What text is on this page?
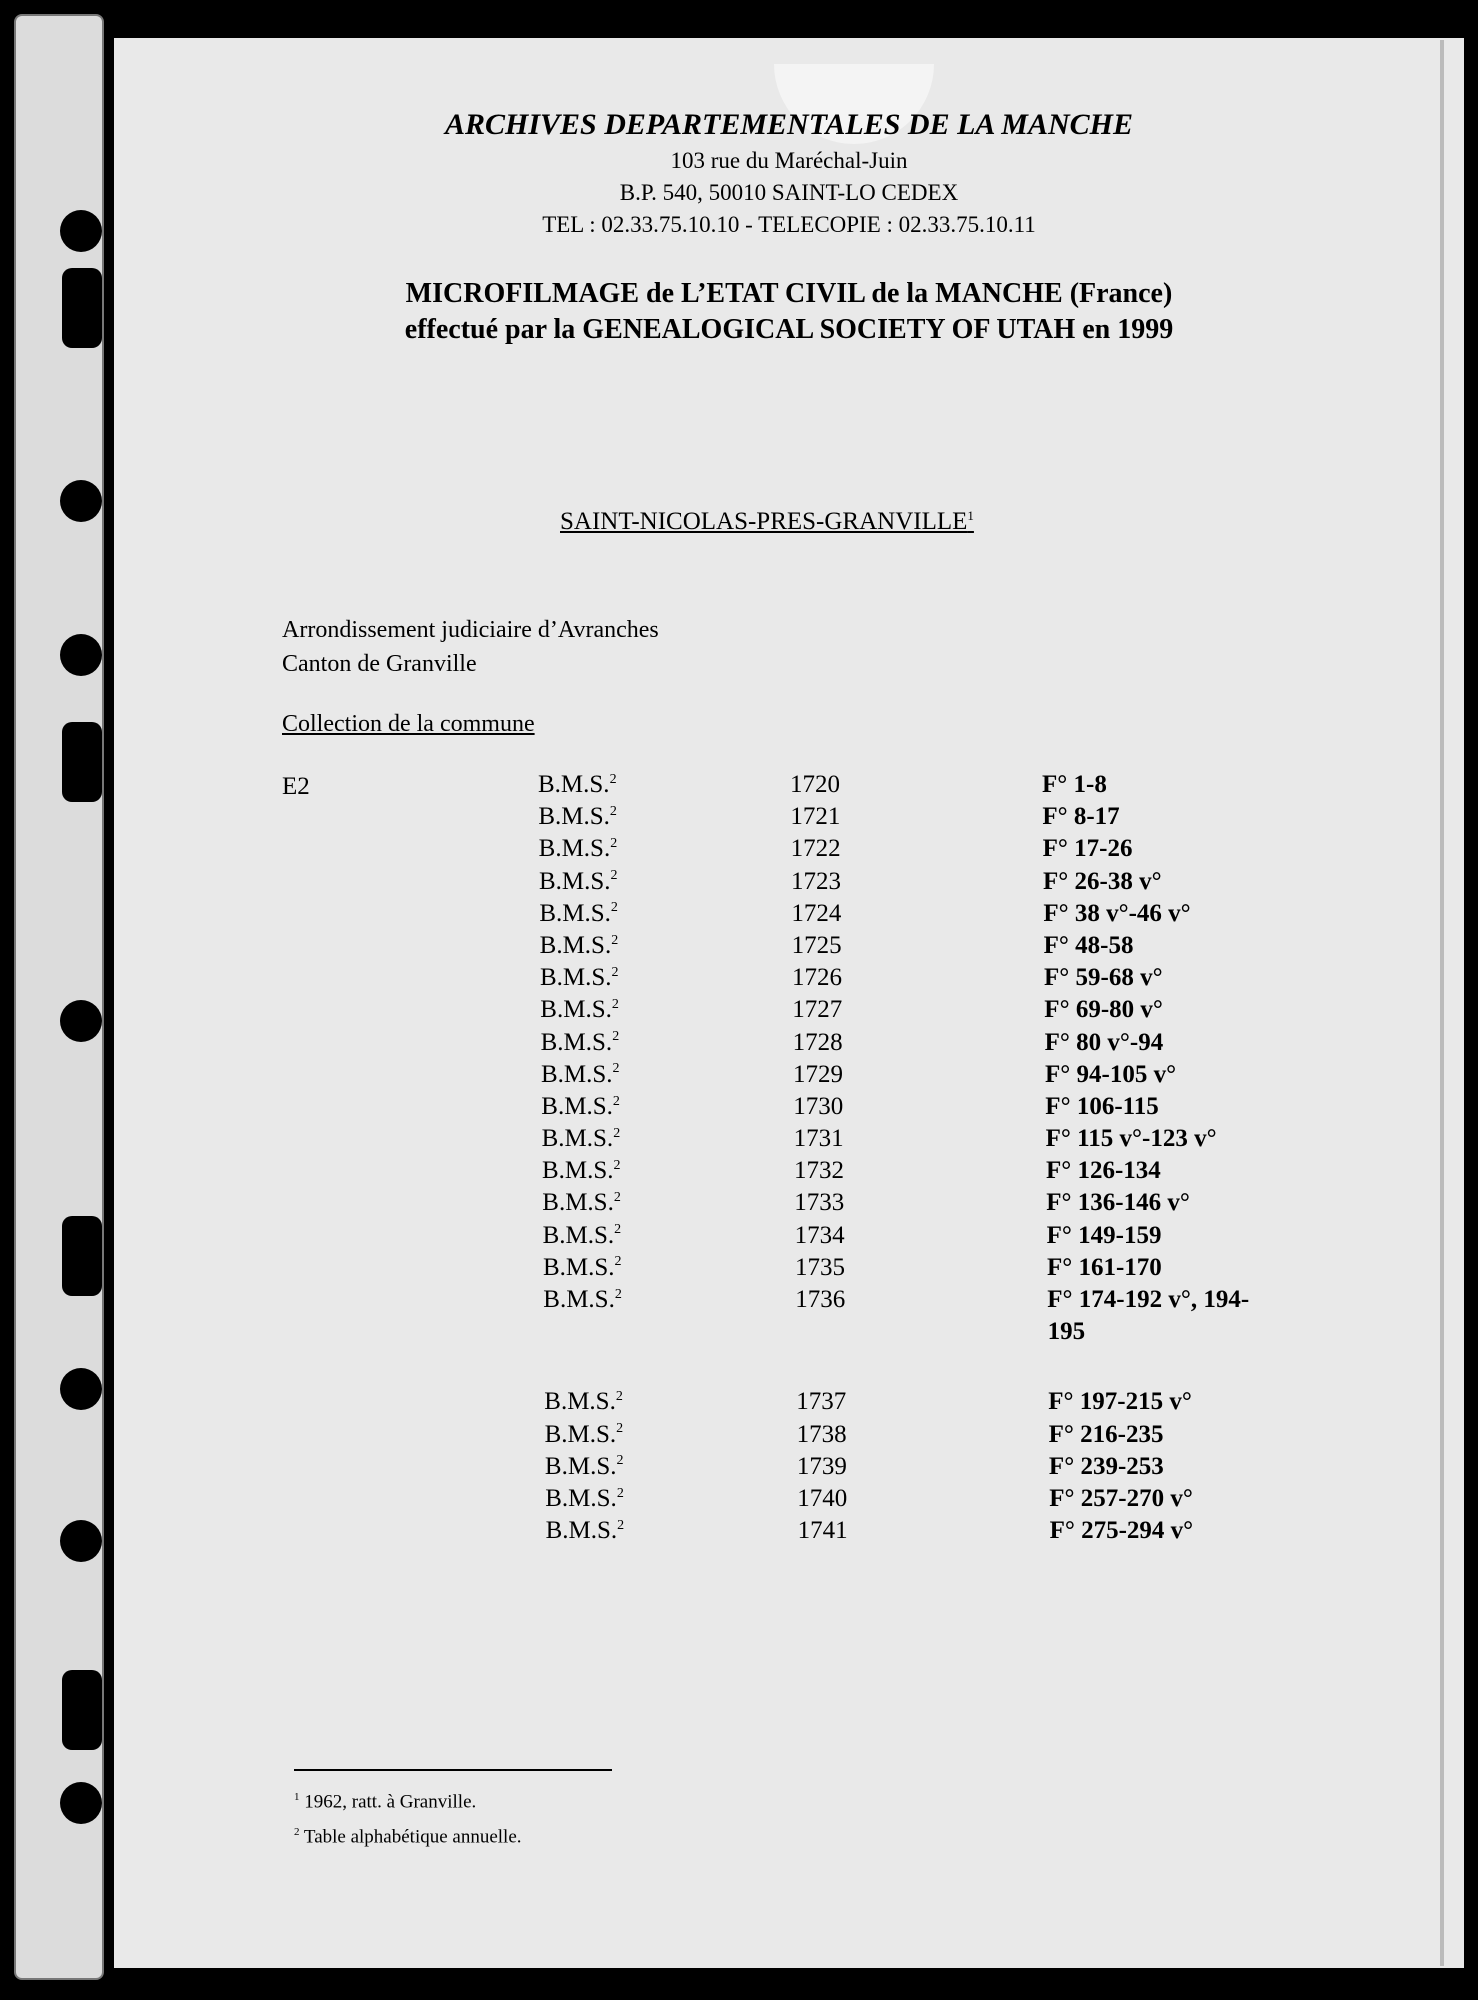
ARCHIVES DEPARTEMENTALES DE LA MANCHE

103 rue du Maréchal-Juin

B.P. 540, 50010 SAINT-LO CEDEX

TEL : 02.33.75.10.10 - TELECOPIE : 02.33.75.10.11

MICROFILMAGE de L’ETAT CIVIL de la MANCHE (France)
effectué par la GENEALOGICAL SOCIETY OF UTAH en 1999
SAINT-NICOLAS-PRES-GRANVILLE$^1$
Arrondissement judiciaire d’Avranches
Canton de Granville
Collection de la commune
E2	B.M.S.$^2$	1720	F° 1-8
B.M.S.$^2$	1721	F° 8-17
B.M.S.$^2$	1722	F° 17-26
B.M.S.$^2$	1723	F° 26-38 v°
B.M.S.$^2$	1724	F° 38 v°-46 v°
B.M.S.$^2$	1725	F° 48-58
B.M.S.$^2$	1726	F° 59-68 v°
B.M.S.$^2$	1727	F° 69-80 v°
B.M.S.$^2$	1728	F° 80 v°-94
B.M.S.$^2$	1729	F° 94-105 v°
B.M.S.$^2$	1730	F° 106-115
B.M.S.$^2$	1731	F° 115 v°-123 v°
B.M.S.$^2$	1732	F° 126-134
B.M.S.$^2$	1733	F° 136-146 v°
B.M.S.$^2$	1734	F° 149-159
B.M.S.$^2$	1735	F° 161-170
B.M.S.$^2$	1736	F° 174-192 v°, 194-
195
B.M.S.$^2$	1737	F° 197-215 v°
B.M.S.$^2$	1738	F° 216-235
B.M.S.$^2$	1739	F° 239-253
B.M.S.$^2$	1740	F° 257-270 v°
B.M.S.$^2$	1741	F° 275-294 v°
$^1$ 1962, ratt. à Granville.
$^2$ Table alphabétique annuelle.
